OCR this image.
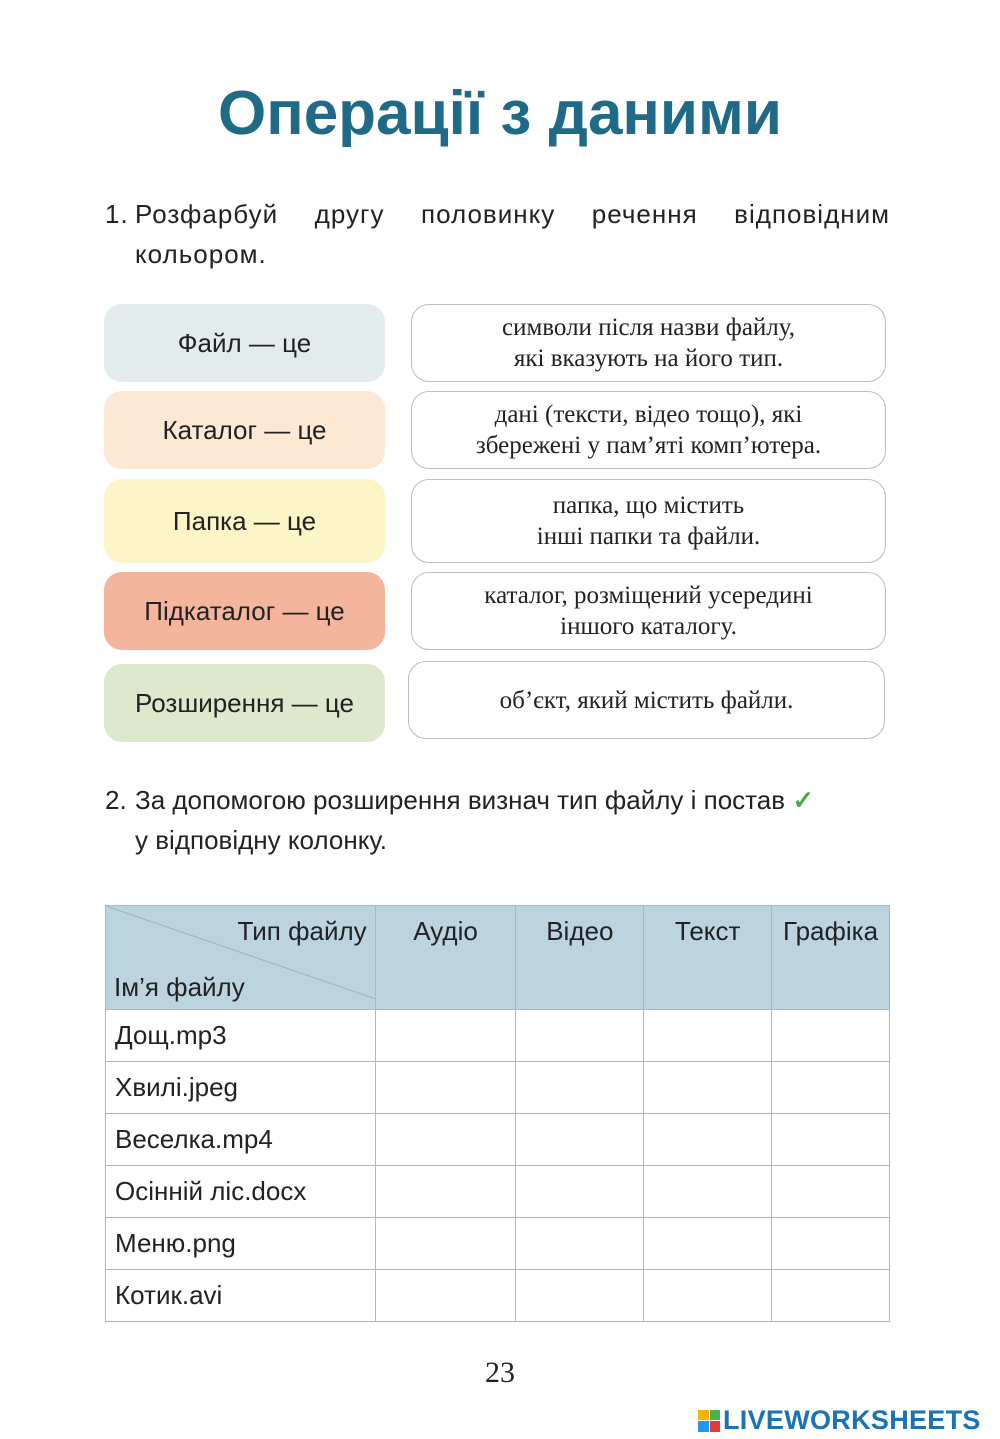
Операції з даними
1. Розфарбуй другу половинку речення відповідним кольором.
Файл — це	символи після назви файлу,
які вказують на його тип.
Каталог — це	дані (тексти, відео тощо), які
збережені у пам’яті комп’ютера.
Папка — це	папка, що містить
інші папки та файли.
Підкаталог — це	каталог, розміщений усередині
іншого каталогу.
Розширення — це	об’єкт, який містить файли.
2. За допомогою розширення визнач тип файлу і постав ✓
у відповідну колонку.
Тип файлу
Ім’я файлу	Аудіо	Відео	Текст	Графіка
Дощ.mp3				
Хвилі.jpeg				
Веселка.mp4				
Осінній ліс.docx				
Меню.png				
Котик.avi				
23
LIVEWORKSHEETS
